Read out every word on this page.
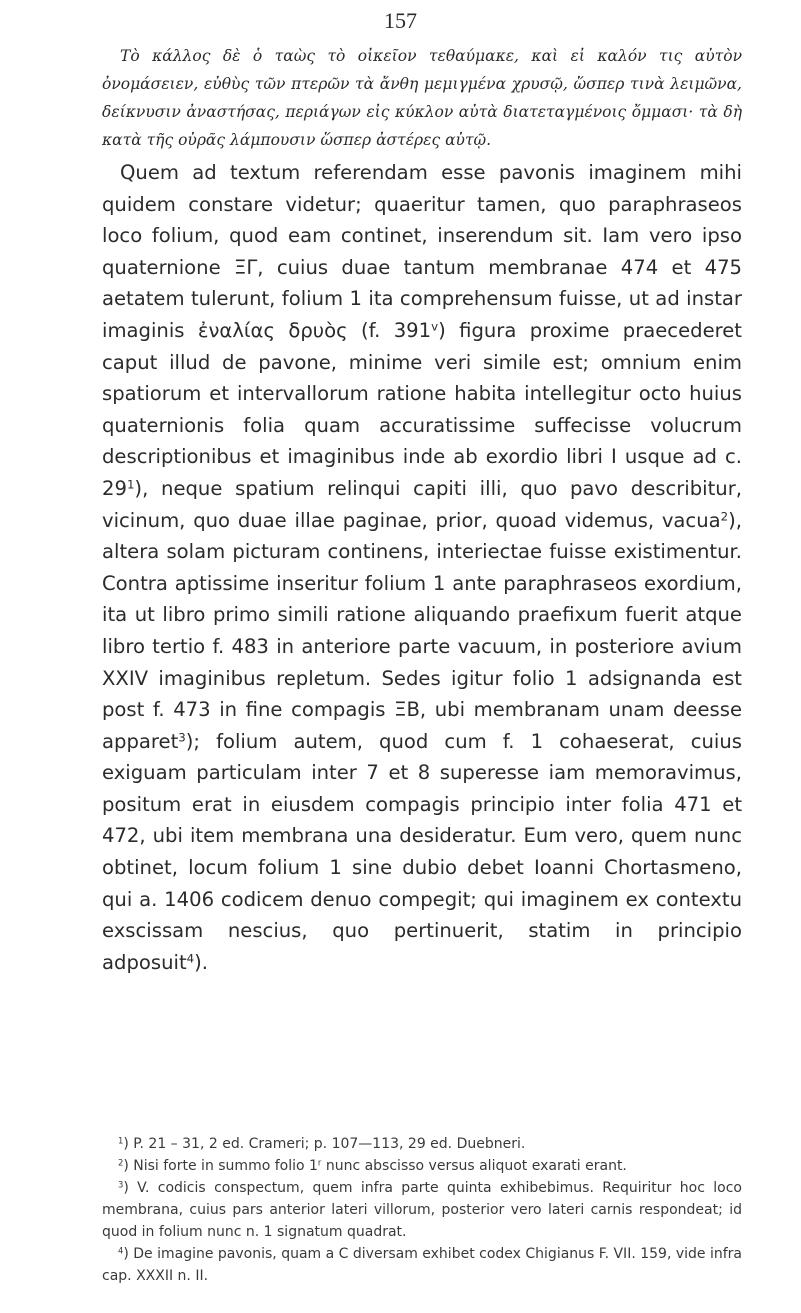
157
Τὸ κάλλος δὲ ὁ ταὼς τὸ οἰκεῖον τεθαύμακε, καὶ εἰ καλόν τις αὐτὸν ὀνομάσειεν, εὐθὺς τῶν πτερῶν τὰ ἄνθη μεμιγμένα χρυσῷ, ὥσπερ τινὰ λειμῶνα, δείκνυσιν ἀναστήσας, περιάγων εἰς κύκλον αὐτὰ διατεταγμένοις ὄμμασι· τὰ δὴ κατὰ τῆς οὐρᾶς λάμπουσιν ὥσπερ ἀστέρες αὐτῷ.

Quem ad textum referendam esse pavonis imaginem mihi quidem constare videtur; quaeritur tamen, quo paraphraseos loco folium, quod eam continet, inserendum sit. Iam vero ipso quaternione ΞΓ, cuius duae tantum membranae 474 et 475 aetatem tulerunt, folium 1 ita comprehensum fuisse, ut ad instar imaginis ἐναλίας δρυὸς (f. 391$^v$) figura proxime praecederet caput illud de pavone, minime veri simile est; omnium enim spatiorum et intervallorum ratione habita intellegitur octo huius quaternionis folia quam accuratissime suffecisse volucrum descriptionibus et imaginibus inde ab exordio libri I usque ad c. $29^1$), neque spatium relinqui capiti illi, quo pavo describitur, vicinum, quo duae illae paginae, prior, quoad videmus, vacua$^2$), altera solam picturam continens, interiectae fuisse existimentur. Contra aptissime inseritur folium 1 ante paraphraseos exordium, ita ut libro primo simili ratione aliquando praefixum fuerit atque libro tertio f. 483 in anteriore parte vacuum, in posteriore avium XXIV imaginibus repletum. Sedes igitur folio 1 adsignanda est post f. 473 in fine compagis ΞΒ, ubi membranam unam deesse apparet$^3$); folium autem, quod cum f. 1 cohaeserat, cuius exiguam particulam inter 7 et 8 superesse iam memoravimus, positum erat in eiusdem compagis principio inter folia 471 et 472, ubi item membrana una desideratur. Eum vero, quem nunc obtinet, locum folium 1 sine dubio debet Ioanni Chortasmeno, qui a. 1406 codicem denuo compegit; qui imaginem ex contextu exscissam nescius, quo pertinuerit, statim in principio adposuit$^4$).

$^1$) P. 21 – 31, 2 ed. Crameri; p. 107—113, 29 ed. Duebneri.

$^2$) Nisi forte in summo folio 1$^r$ nunc abscisso versus aliquot exarati erant.

$^3$) V. codicis conspectum, quem infra parte quinta exhibebimus. Requiritur hoc loco membrana, cuius pars anterior lateri villorum, posterior vero lateri carnis respondeat; id quod in folium nunc n. 1 signatum quadrat.

$^4$) De imagine pavonis, quam a C diversam exhibet codex Chigianus F. VII. 159, vide infra cap. XXXII n. II.
